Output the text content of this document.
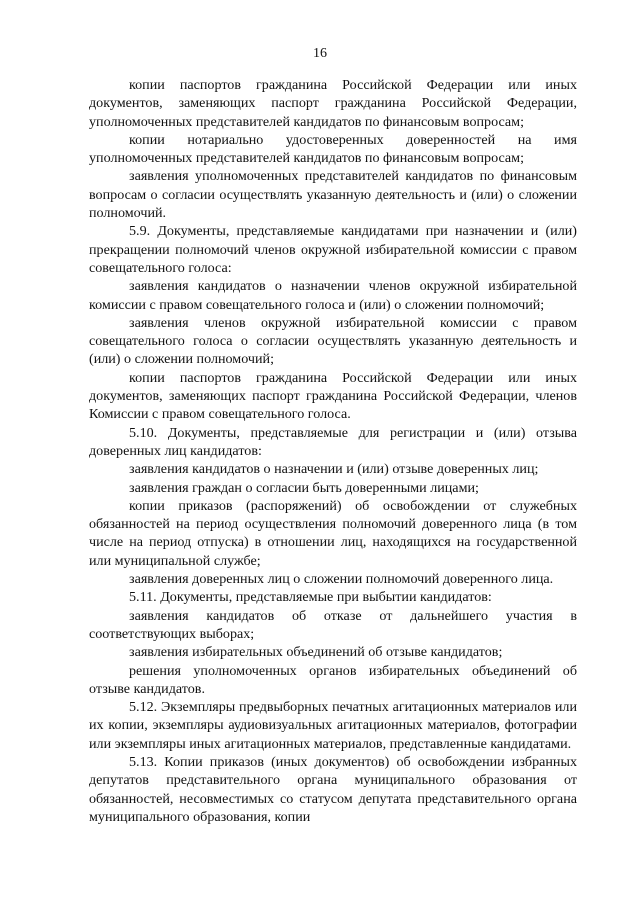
16

копии паспортов гражданина Российской Федерации или иных документов, заменяющих паспорт гражданина Российской Федерации, уполномоченных представителей кандидатов по финансовым вопросам;

копии нотариально удостоверенных доверенностей на имя уполномоченных представителей кандидатов по финансовым вопросам;

заявления уполномоченных представителей кандидатов по финансовым вопросам о согласии осуществлять указанную деятельность и (или) о сложении полномочий.

5.9. Документы, представляемые кандидатами при назначении и (или) прекращении полномочий членов окружной избирательной комиссии с правом совещательного голоса:

заявления кандидатов о назначении членов окружной избирательной комиссии с правом совещательного голоса и (или) о сложении полномочий;

заявления членов окружной избирательной комиссии с правом совещательного голоса о согласии осуществлять указанную деятельность и (или) о сложении полномочий;

копии паспортов гражданина Российской Федерации или иных документов, заменяющих паспорт гражданина Российской Федерации, членов Комиссии с правом совещательного голоса.

5.10. Документы, представляемые для регистрации и (или) отзыва доверенных лиц кандидатов:

заявления кандидатов о назначении и (или) отзыве доверенных лиц;

заявления граждан о согласии быть доверенными лицами;

копии приказов (распоряжений) об освобождении от служебных обязанностей на период осуществления полномочий доверенного лица (в том числе на период отпуска) в отношении лиц, находящихся на государственной или муниципальной службе;

заявления доверенных лиц о сложении полномочий доверенного лица.

5.11. Документы, представляемые при выбытии кандидатов:

заявления кандидатов об отказе от дальнейшего участия в соответствующих выборах;

заявления избирательных объединений об отзыве кандидатов;

решения уполномоченных органов избирательных объединений об отзыве кандидатов.

5.12. Экземпляры предвыборных печатных агитационных материалов или их копии, экземпляры аудиовизуальных агитационных материалов, фотографии или экземпляры иных агитационных материалов, представленные кандидатами.

5.13. Копии приказов (иных документов) об освобождении избранных депутатов представительного органа муниципального образования от обязанностей, несовместимых со статусом депутата представительного органа муниципального образования, копии
